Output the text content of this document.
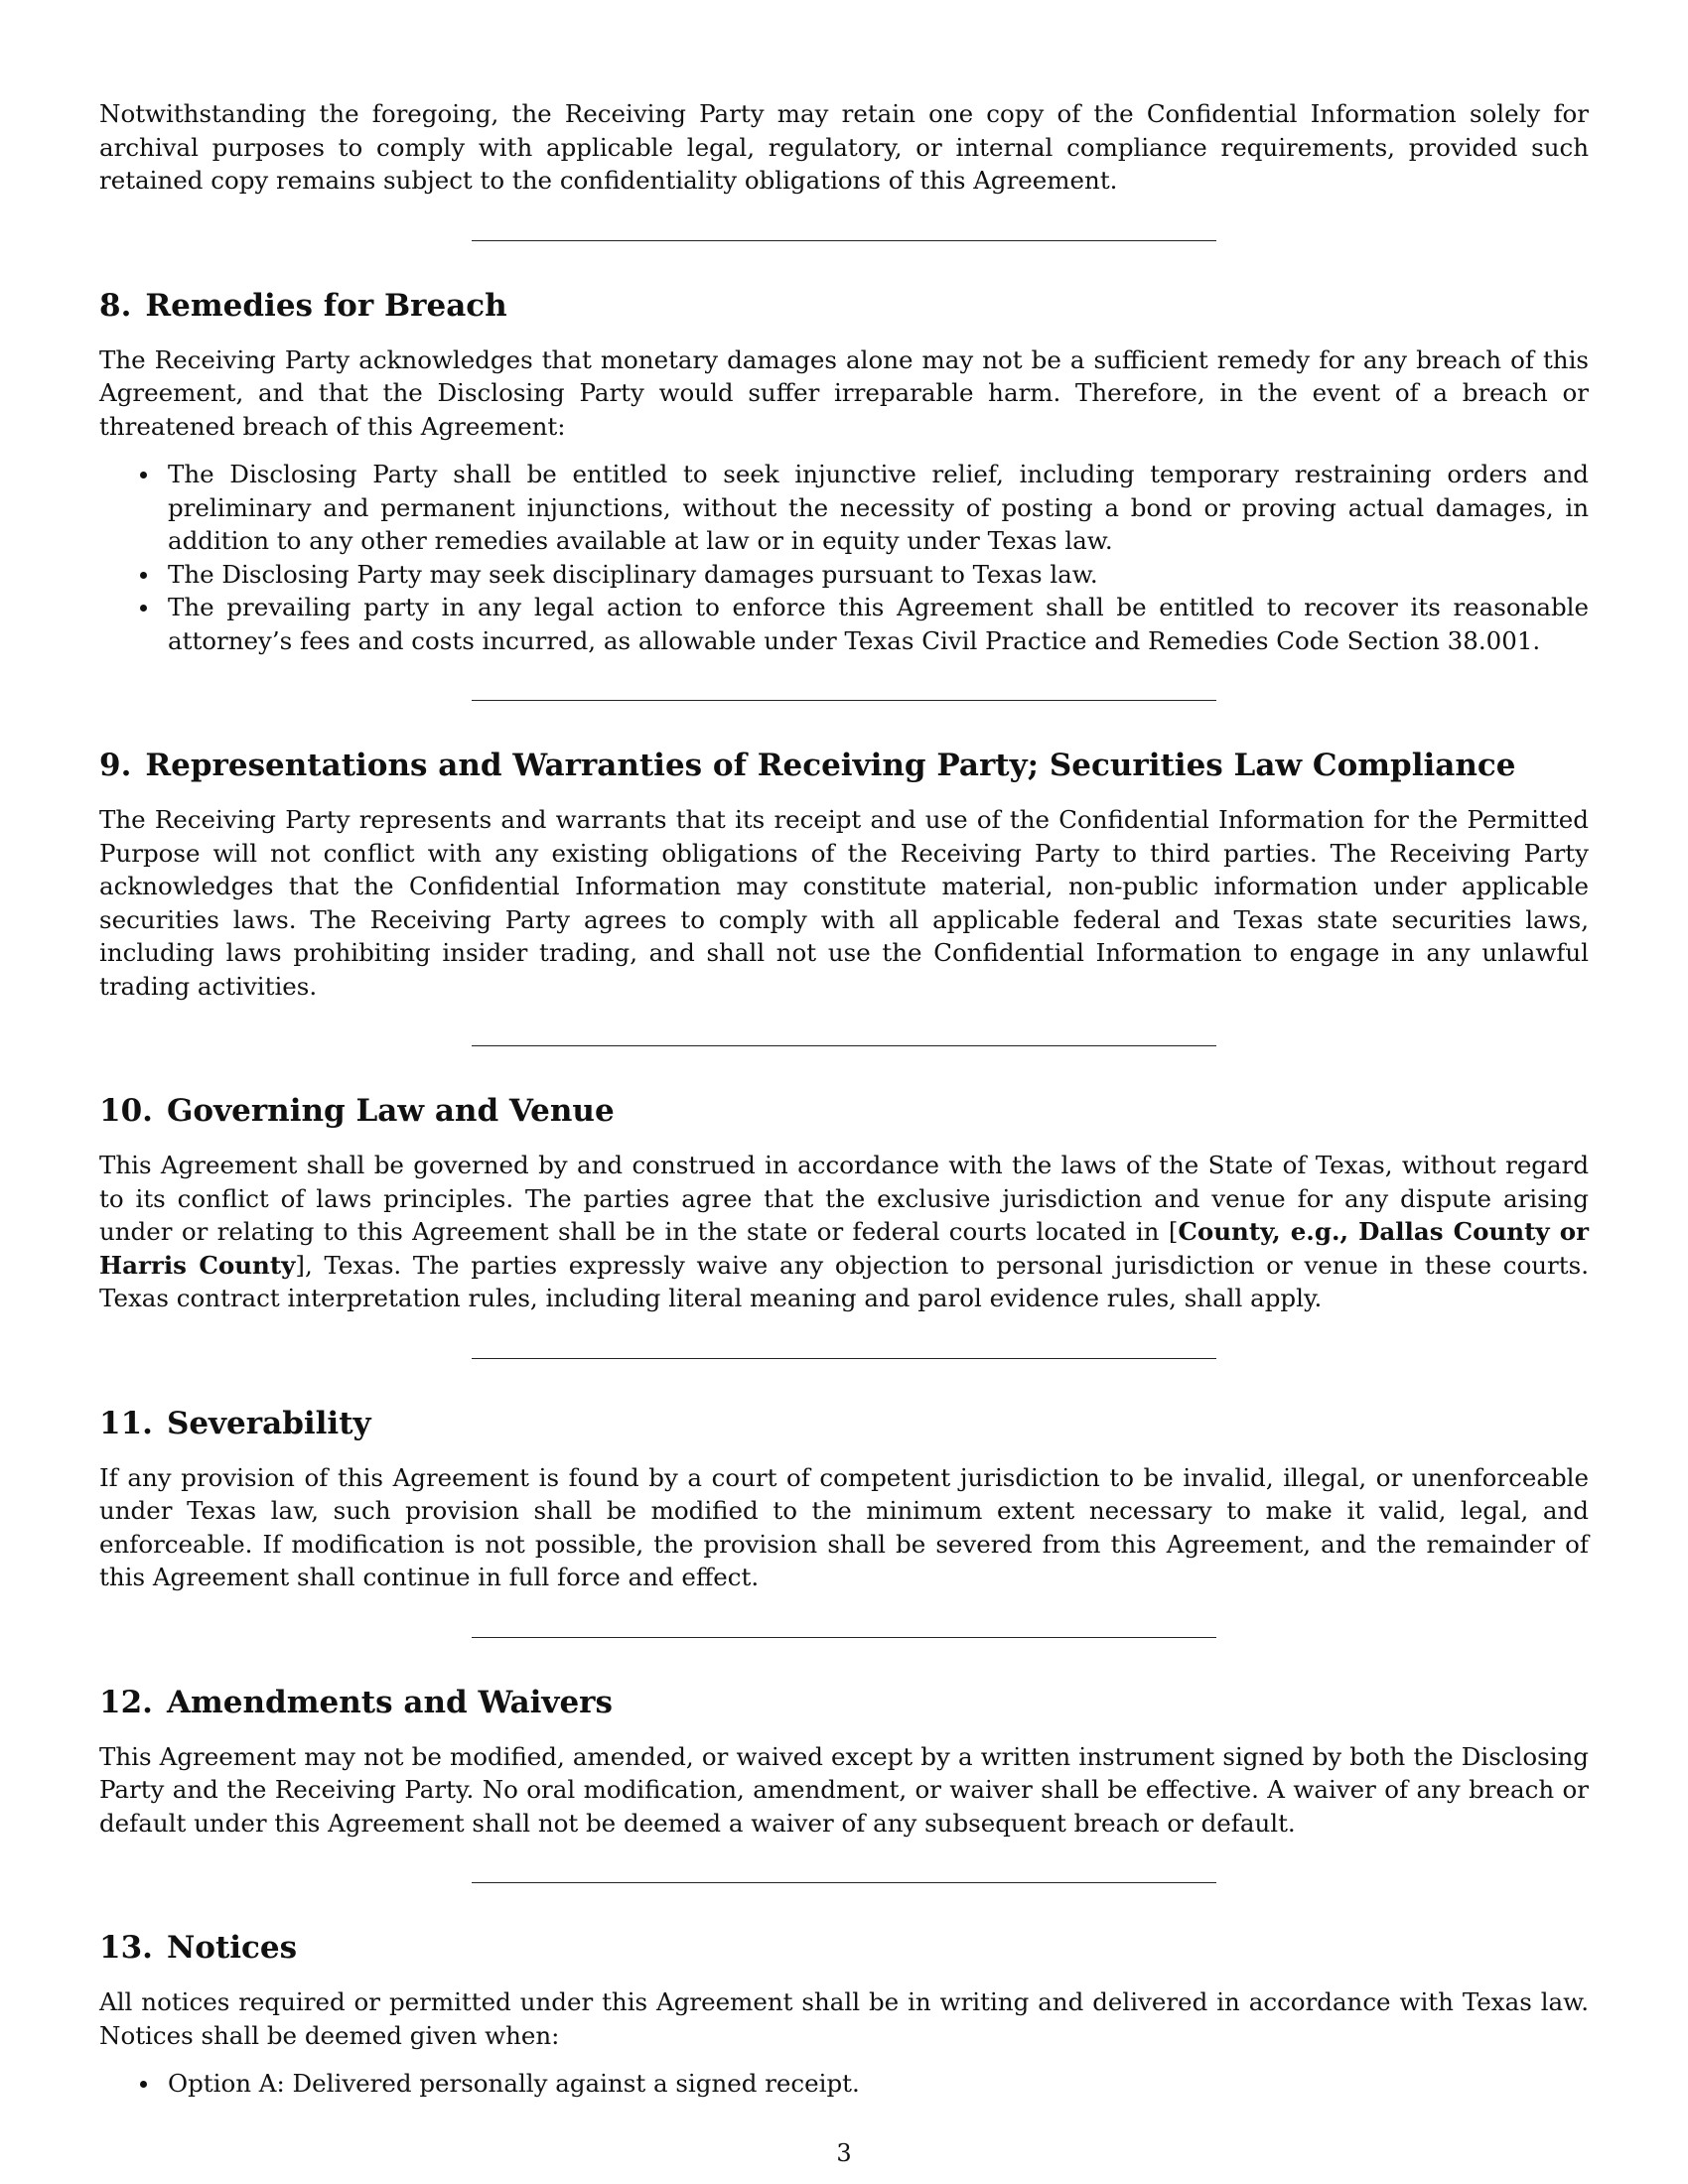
Notwithstanding the foregoing, the Receiving Party may retain one copy of the Confidential Information solely for archival purposes to comply with applicable legal, regulatory, or internal compliance requirements, provided such retained copy remains subject to the confidentiality obligations of this Agreement.

8. Remedies for Breach

The Receiving Party acknowledges that monetary damages alone may not be a sufficient remedy for any breach of this Agreement, and that the Disclosing Party would suffer irreparable harm. Therefore, in the event of a breach or threatened breach of this Agreement:

The Disclosing Party shall be entitled to seek injunctive relief, including temporary restraining orders and preliminary and permanent injunctions, without the necessity of posting a bond or proving actual damages, in addition to any other remedies available at law or in equity under Texas law.
The Disclosing Party may seek disciplinary damages pursuant to Texas law.
The prevailing party in any legal action to enforce this Agreement shall be entitled to recover its reasonable attorney’s fees and costs incurred, as allowable under Texas Civil Practice and Remedies Code Section 38.001.
9. Representations and Warranties of Receiving Party; Securities Law Compliance

The Receiving Party represents and warrants that its receipt and use of the Confidential Information for the Permitted Purpose will not conflict with any existing obligations of the Receiving Party to third parties. The Receiving Party acknowledges that the Confidential Information may constitute material, non-public information under applicable securities laws. The Receiving Party agrees to comply with all applicable federal and Texas state securities laws, including laws prohibiting insider trading, and shall not use the Confidential Information to engage in any unlawful trading activities.

10. Governing Law and Venue

This Agreement shall be governed by and construed in accordance with the laws of the State of Texas, without regard to its conflict of laws principles. The parties agree that the exclusive jurisdiction and venue for any dispute arising under or relating to this Agreement shall be in the state or federal courts located in [County, e.g., Dallas County or Harris County], Texas. The parties expressly waive any objection to personal jurisdiction or venue in these courts. Texas contract interpretation rules, including literal meaning and parol evidence rules, shall apply.

11. Severability

If any provision of this Agreement is found by a court of competent jurisdiction to be invalid, illegal, or unenforceable under Texas law, such provision shall be modified to the minimum extent necessary to make it valid, legal, and enforceable. If modification is not possible, the provision shall be severed from this Agreement, and the remainder of this Agreement shall continue in full force and effect.

12. Amendments and Waivers

This Agreement may not be modified, amended, or waived except by a written instrument signed by both the Disclosing Party and the Receiving Party. No oral modification, amendment, or waiver shall be effective. A waiver of any breach or default under this Agreement shall not be deemed a waiver of any subsequent breach or default.

13. Notices

All notices required or permitted under this Agreement shall be in writing and delivered in accordance with Texas law. Notices shall be deemed given when:

Option A: Delivered personally against a signed receipt.
3
